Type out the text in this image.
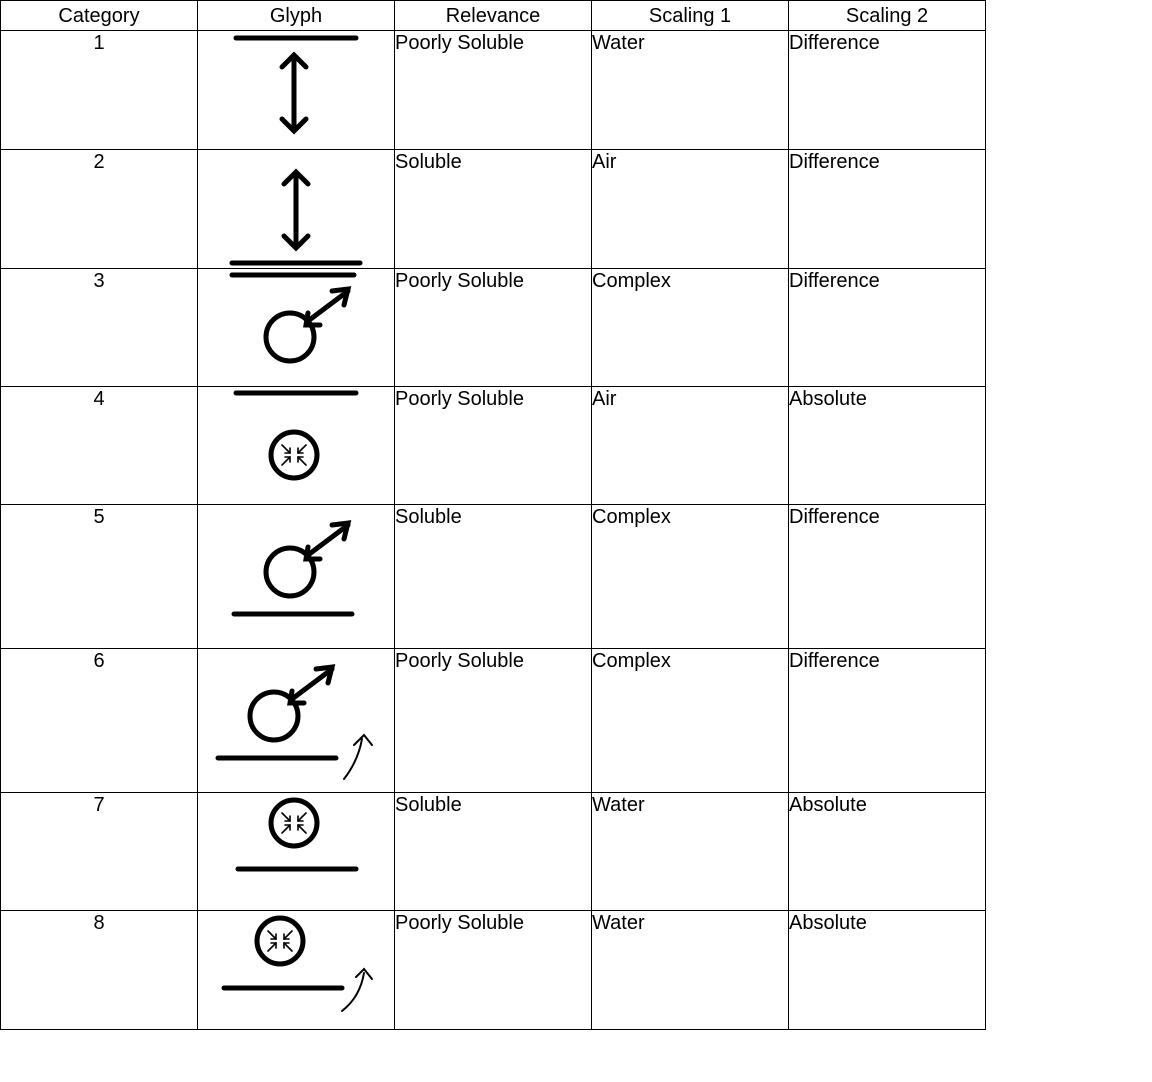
Category	Glyph	Relevance	Scaling 1	Scaling 2
1		Poorly Soluble	Water	Difference
2		Soluble	Air	Difference
3		Poorly Soluble	Complex	Difference
4		Poorly Soluble	Air	Absolute
5		Soluble	Complex	Difference
6		Poorly Soluble	Complex	Difference
7		Soluble	Water	Absolute
8		Poorly Soluble	Water	Absolute
